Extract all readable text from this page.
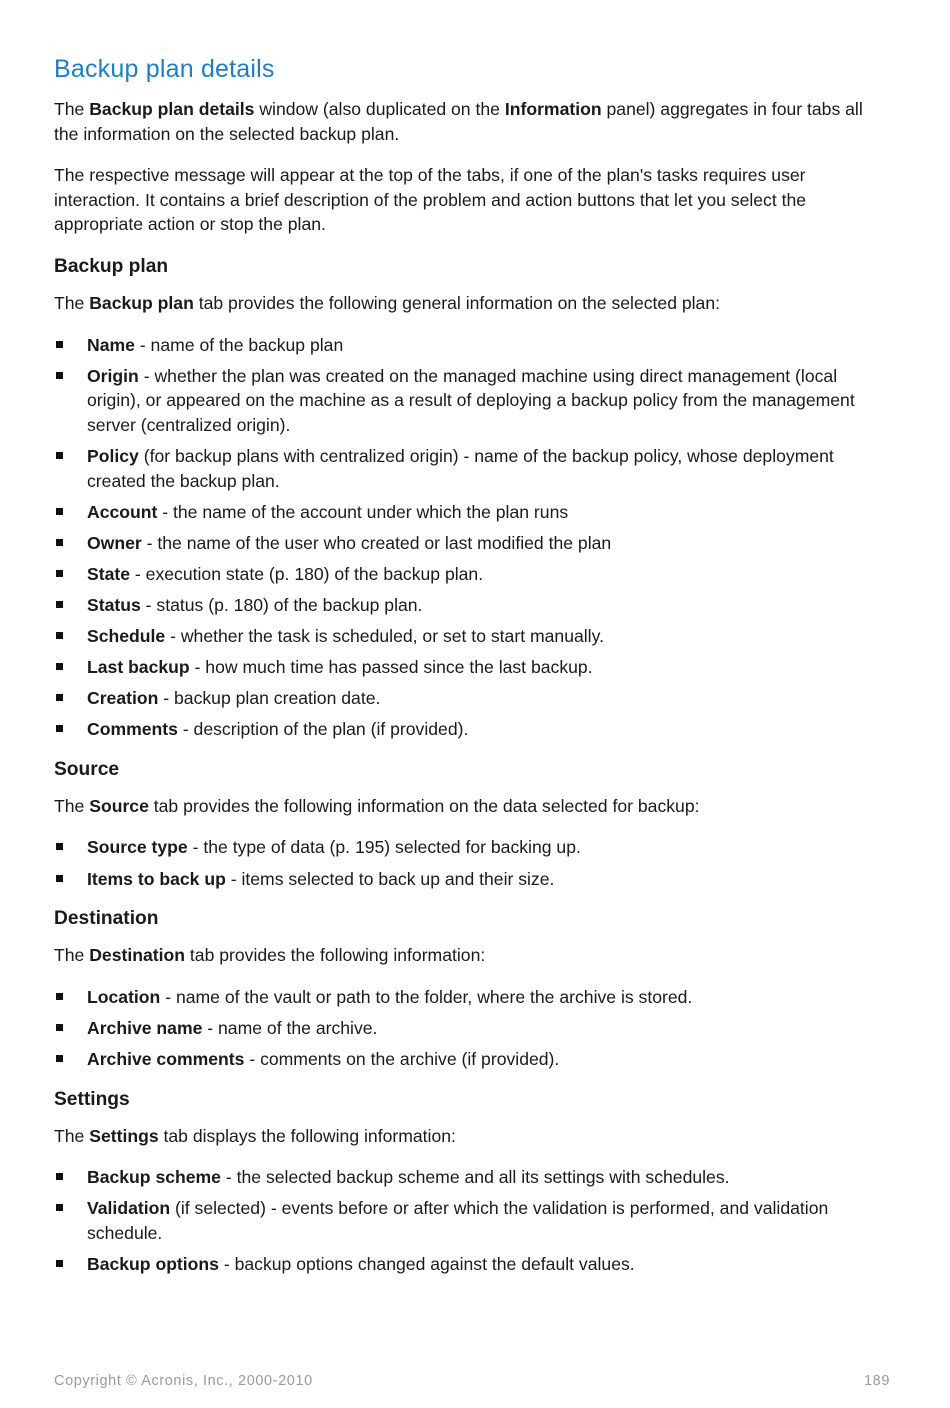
Backup plan details

The Backup plan details window (also duplicated on the Information panel) aggregates in four tabs all the information on the selected backup plan.

The respective message will appear at the top of the tabs, if one of the plan's tasks requires user interaction. It contains a brief description of the problem and action buttons that let you select the appropriate action or stop the plan.

Backup plan

The Backup plan tab provides the following general information on the selected plan:

Name - name of the backup plan
Origin - whether the plan was created on the managed machine using direct management (local origin), or appeared on the machine as a result of deploying a backup policy from the management server (centralized origin).
Policy (for backup plans with centralized origin) - name of the backup policy, whose deployment created the backup plan.
Account - the name of the account under which the plan runs
Owner - the name of the user who created or last modified the plan
State - execution state (p. 180) of the backup plan.
Status - status (p. 180) of the backup plan.
Schedule - whether the task is scheduled, or set to start manually.
Last backup - how much time has passed since the last backup.
Creation - backup plan creation date.
Comments - description of the plan (if provided).
Source

The Source tab provides the following information on the data selected for backup:

Source type - the type of data (p. 195) selected for backing up.
Items to back up - items selected to back up and their size.
Destination

The Destination tab provides the following information:

Location - name of the vault or path to the folder, where the archive is stored.
Archive name - name of the archive.
Archive comments - comments on the archive (if provided).
Settings

The Settings tab displays the following information:

Backup scheme - the selected backup scheme and all its settings with schedules.
Validation (if selected) - events before or after which the validation is performed, and validation schedule.
Backup options - backup options changed against the default values.
Copyright © Acronis, Inc., 2000-2010	189
